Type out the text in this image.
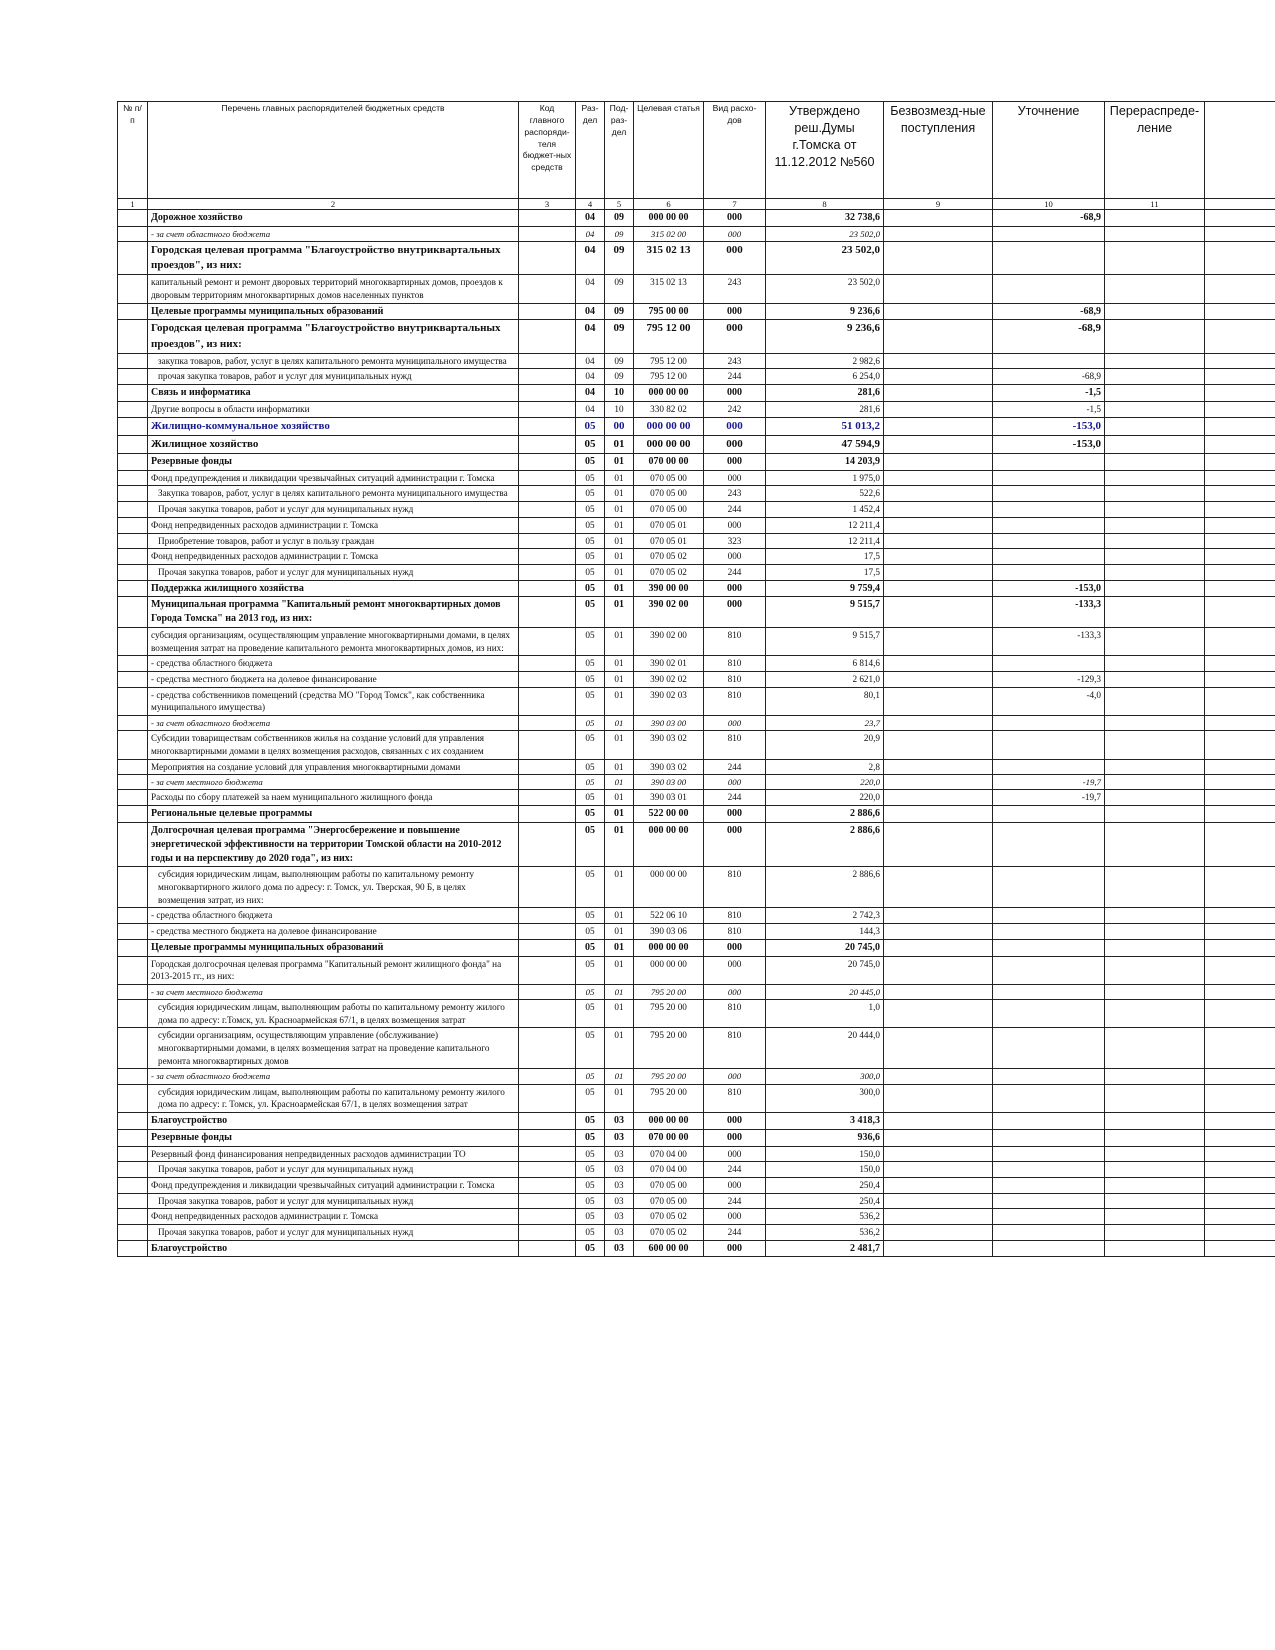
№ п/п	Перечень главных распорядителей бюджетных средств	Код главного распоряди-теля бюджет-ных средств	Раз-дел	Под-раз-дел	Целевая статья	Вид расхо-дов	Утверждено реш.Думы г.Томска от 11.12.2012 №560	Безвозмезд-ные поступления	Уточнение	Перераспреде-ление	
1	2	3	4	5	6	7	8	9	10	11	
	Дорожное хозяйство		04	09	000 00 00	000	32 738,6		-68,9		
	- за счет областного бюджета		04	09	315 02 00	000	23 502,0				
	Городская целевая программа "Благоустройство внутриквартальных проездов", из них:		04	09	315 02 13	000	23 502,0				
	капитальный ремонт и ремонт дворовых территорий многоквартирных домов, проездов к дворовым территориям многоквартирных домов населенных пунктов		04	09	315 02 13	243	23 502,0				
	Целевые программы муниципальных образований		04	09	795 00 00	000	9 236,6		-68,9		
	Городская целевая программа "Благоустройство внутриквартальных проездов", из них:		04	09	795 12 00	000	9 236,6		-68,9		
	закупка товаров, работ, услуг в целях капитального ремонта муниципального имущества		04	09	795 12 00	243	2 982,6				
	прочая закупка товаров, работ и услуг для муниципальных нужд		04	09	795 12 00	244	6 254,0		-68,9		
	Связь и информатика		04	10	000 00 00	000	281,6		-1,5		
	Другие вопросы в области информатики		04	10	330 82 02	242	281,6		-1,5		
	Жилищно-коммунальное хозяйство		05	00	000 00 00	000	51 013,2		-153,0		
	Жилищное хозяйство		05	01	000 00 00	000	47 594,9		-153,0		
	Резервные фонды		05	01	070 00 00	000	14 203,9				
	Фонд предупреждения и ликвидации чрезвычайных ситуаций администрации г. Томска		05	01	070 05 00	000	1 975,0				
	Закупка товаров, работ, услуг в целях капитального ремонта муниципального имущества		05	01	070 05 00	243	522,6				
	Прочая закупка товаров, работ и услуг для муниципальных нужд		05	01	070 05 00	244	1 452,4				
	Фонд непредвиденных расходов администрации г. Томска		05	01	070 05 01	000	12 211,4				
	Приобретение товаров, работ и услуг в пользу граждан		05	01	070 05 01	323	12 211,4				
	Фонд непредвиденных расходов администрации г. Томска		05	01	070 05 02	000	17,5				
	Прочая закупка товаров, работ и услуг для муниципальных нужд		05	01	070 05 02	244	17,5				
	Поддержка жилищного хозяйства		05	01	390 00 00	000	9 759,4		-153,0		
	Муниципальная программа "Капитальный ремонт многоквартирных домов Города Томска" на 2013 год, из них:		05	01	390 02 00	000	9 515,7		-133,3		
	субсидия организациям, осуществляющим управление многоквартирными домами, в целях возмещения затрат на проведение капитального ремонта многоквартирных домов, из них:		05	01	390 02 00	810	9 515,7		-133,3		
	- средства областного бюджета		05	01	390 02 01	810	6 814,6				
	- средства местного бюджета на долевое финансирование		05	01	390 02 02	810	2 621,0		-129,3		
	- средства собственников помещений (средства МО "Город Томск", как собственника муниципального имущества)		05	01	390 02 03	810	80,1		-4,0		
	- за счет областного бюджета		05	01	390 03 00	000	23,7				
	Субсидии товариществам собственников жилья на создание условий для управления многоквартирными домами в целях возмещения расходов, связанных с их созданием		05	01	390 03 02	810	20,9				
	Мероприятия на создание условий для управления многоквартирными домами		05	01	390 03 02	244	2,8				
	- за счет местного бюджета		05	01	390 03 00	000	220,0		-19,7		
	Расходы по сбору платежей за наем муниципального жилищного фонда		05	01	390 03 01	244	220,0		-19,7		
	Региональные целевые программы		05	01	522 00 00	000	2 886,6				
	Долгосрочная целевая программа "Энергосбережение и повышение энергетической эффективности на территории Томской области на 2010-2012 годы и на перспективу до 2020 года", из них:		05	01	000 00 00	000	2 886,6				
	субсидия юридическим лицам, выполняющим работы по капитальному ремонту многоквартирного жилого дома по адресу: г. Томск, ул. Тверская, 90 Б, в целях возмещения затрат, из них:		05	01	000 00 00	810	2 886,6				
	- средства областного бюджета		05	01	522 06 10	810	2 742,3				
	- средства местного бюджета на долевое финансирование		05	01	390 03 06	810	144,3				
	Целевые программы муниципальных образований		05	01	000 00 00	000	20 745,0				
	Городская долгосрочная целевая программа "Капитальный ремонт жилищного фонда" на 2013-2015 гг., из них:		05	01	000 00 00	000	20 745,0				
	- за счет местного бюджета		05	01	795 20 00	000	20 445,0				
	субсидия юридическим лицам, выполняющим работы по капитальному ремонту жилого дома по адресу: г.Томск, ул. Красноармейская 67/1, в целях возмещения затрат		05	01	795 20 00	810	1,0				
	субсидии организациям, осуществляющим управление (обслуживание) многоквартирными домами, в целях возмещения затрат на проведение капитального ремонта многоквартирных домов		05	01	795 20 00	810	20 444,0				
	- за счет областного бюджета		05	01	795 20 00	000	300,0				
	субсидия юридическим лицам, выполняющим работы по капитальному ремонту жилого дома по адресу: г. Томск, ул. Красноармейская 67/1, в целях возмещения затрат		05	01	795 20 00	810	300,0				
	Благоустройство		05	03	000 00 00	000	3 418,3				
	Резервные фонды		05	03	070 00 00	000	936,6				
	Резервный фонд финансирования непредвиденных расходов администрации ТО		05	03	070 04 00	000	150,0				
	Прочая закупка товаров, работ и услуг для муниципальных нужд		05	03	070 04 00	244	150,0				
	Фонд предупреждения и ликвидации чрезвычайных ситуаций администрации г. Томска		05	03	070 05 00	000	250,4				
	Прочая закупка товаров, работ и услуг для муниципальных нужд		05	03	070 05 00	244	250,4				
	Фонд непредвиденных расходов администрации г. Томска		05	03	070 05 02	000	536,2				
	Прочая закупка товаров, работ и услуг для муниципальных нужд		05	03	070 05 02	244	536,2				
	Благоустройство		05	03	600 00 00	000	2 481,7				
